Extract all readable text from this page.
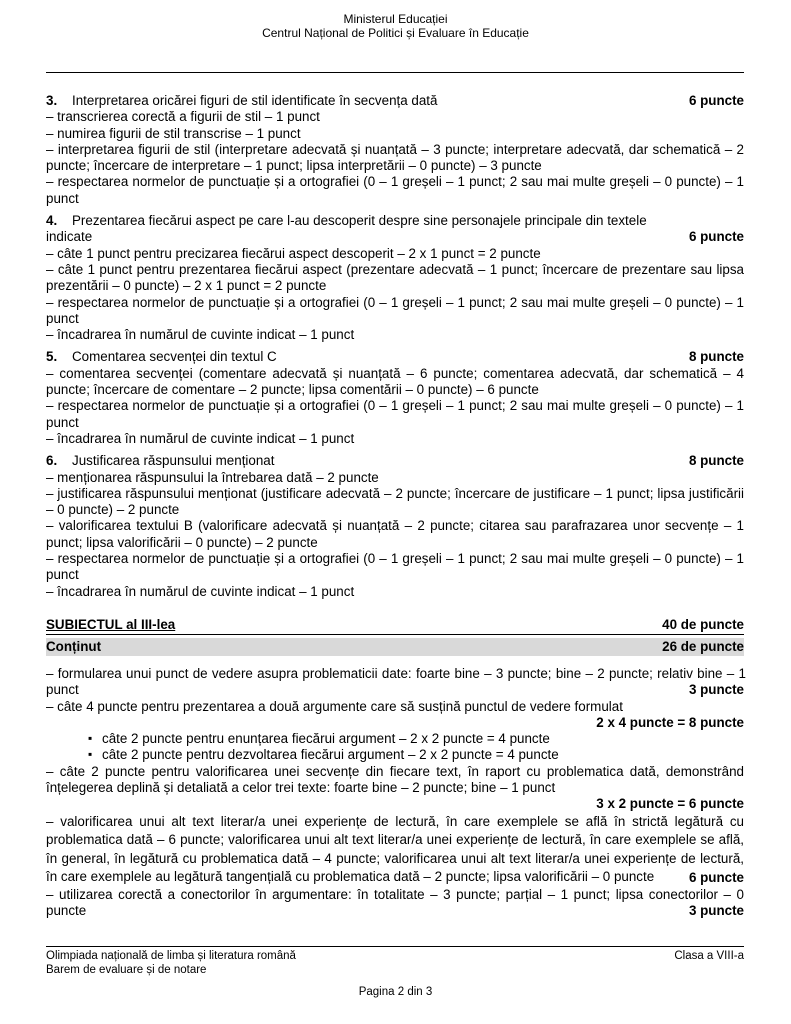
Ministerul Educației
Centrul Național de Politici și Evaluare în Educație
3. Interpretarea oricărei figuri de stil identificate în secvența dată	6 puncte

– transcrierea corectă a figurii de stil – 1 punct

– numirea figurii de stil transcrise – 1 punct

– interpretarea figurii de stil (interpretare adecvată și nuanțată – 3 puncte; interpretare adecvată, dar schematică – 2 puncte; încercare de interpretare – 1 punct; lipsa interpretării – 0 puncte) – 3 puncte

– respectarea normelor de punctuație și a ortografiei (0 – 1 greșeli – 1 punct; 2 sau mai multe greșeli – 0 puncte) – 1 punct

4. Prezentarea fiecărui aspect pe care l-au descoperit despre sine personajele principale din textele

indicate	6 puncte

– câte 1 punct pentru precizarea fiecărui aspect descoperit – 2 x 1 punct = 2 puncte

– câte 1 punct pentru prezentarea fiecărui aspect (prezentare adecvată – 1 punct; încercare de prezentare sau lipsa prezentării – 0 puncte) – 2 x 1 punct = 2 puncte

– respectarea normelor de punctuație și a ortografiei (0 – 1 greșeli – 1 punct; 2 sau mai multe greșeli – 0 puncte) – 1 punct

– încadrarea în numărul de cuvinte indicat – 1 punct

5. Comentarea secvenței din textul C	8 puncte

– comentarea secvenței (comentare adecvată și nuanțată – 6 puncte; comentarea adecvată, dar schematică – 4 puncte; încercare de comentare – 2 puncte; lipsa comentării – 0 puncte) – 6 puncte

– respectarea normelor de punctuație și a ortografiei (0 – 1 greșeli – 1 punct; 2 sau mai multe greșeli – 0 puncte) – 1 punct

– încadrarea în numărul de cuvinte indicat – 1 punct

6. Justificarea răspunsului menționat	8 puncte

– menționarea răspunsului la întrebarea dată – 2 puncte

– justificarea răspunsului menționat (justificare adecvată – 2 puncte; încercare de justificare – 1 punct; lipsa justificării – 0 puncte) – 2 puncte

– valorificarea textului B (valorificare adecvată și nuanțată – 2 puncte; citarea sau parafrazarea unor secvențe – 1 punct; lipsa valorificării – 0 puncte) – 2 puncte

– respectarea normelor de punctuație și a ortografiei (0 – 1 greșeli – 1 punct; 2 sau mai multe greșeli – 0 puncte) – 1 punct

– încadrarea în numărul de cuvinte indicat – 1 punct

SUBIECTUL al III-lea	40 de puncte
Conținut	26 de puncte

– formularea unui punct de vedere asupra problematicii date: foarte bine – 3 puncte; bine – 2 puncte; relativ bine – 1 punct	3 puncte

– câte 4 puncte pentru prezentarea a două argumente care să susțină punctul de vedere formulat

2 x 4 puncte = 8 puncte

▪ câte 2 puncte pentru enunțarea fiecărui argument – 2 x 2 puncte = 4 puncte

▪ câte 2 puncte pentru dezvoltarea fiecărui argument – 2 x 2 puncte = 4 puncte

– câte 2 puncte pentru valorificarea unei secvențe din fiecare text, în raport cu problematica dată, demonstrând înțelegerea deplină și detaliată a celor trei texte: foarte bine – 2 puncte; bine – 1 punct

3 x 2 puncte = 6 puncte

– valorificarea unui alt text literar/a unei experiențe de lectură, în care exemplele se află în strictă legătură cu problematica dată – 6 puncte; valorificarea unui alt text literar/a unei experiențe de lectură, în care exemplele se află, în general, în legătură cu problematica dată – 4 puncte; valorificarea unui alt text literar/a unei experiențe de lectură, în care exemplele au legătură tangențială cu problematica dată – 2 puncte; lipsa valorificării – 0 puncte	6 puncte

– utilizarea corectă a conectorilor în argumentare: în totalitate – 3 puncte; parțial – 1 punct; lipsa conectorilor – 0 puncte	3 puncte

Olimpiada națională de limba și literatura română	Clasa a VIII-a
Barem de evaluare și de notare
Pagina 2 din 3
